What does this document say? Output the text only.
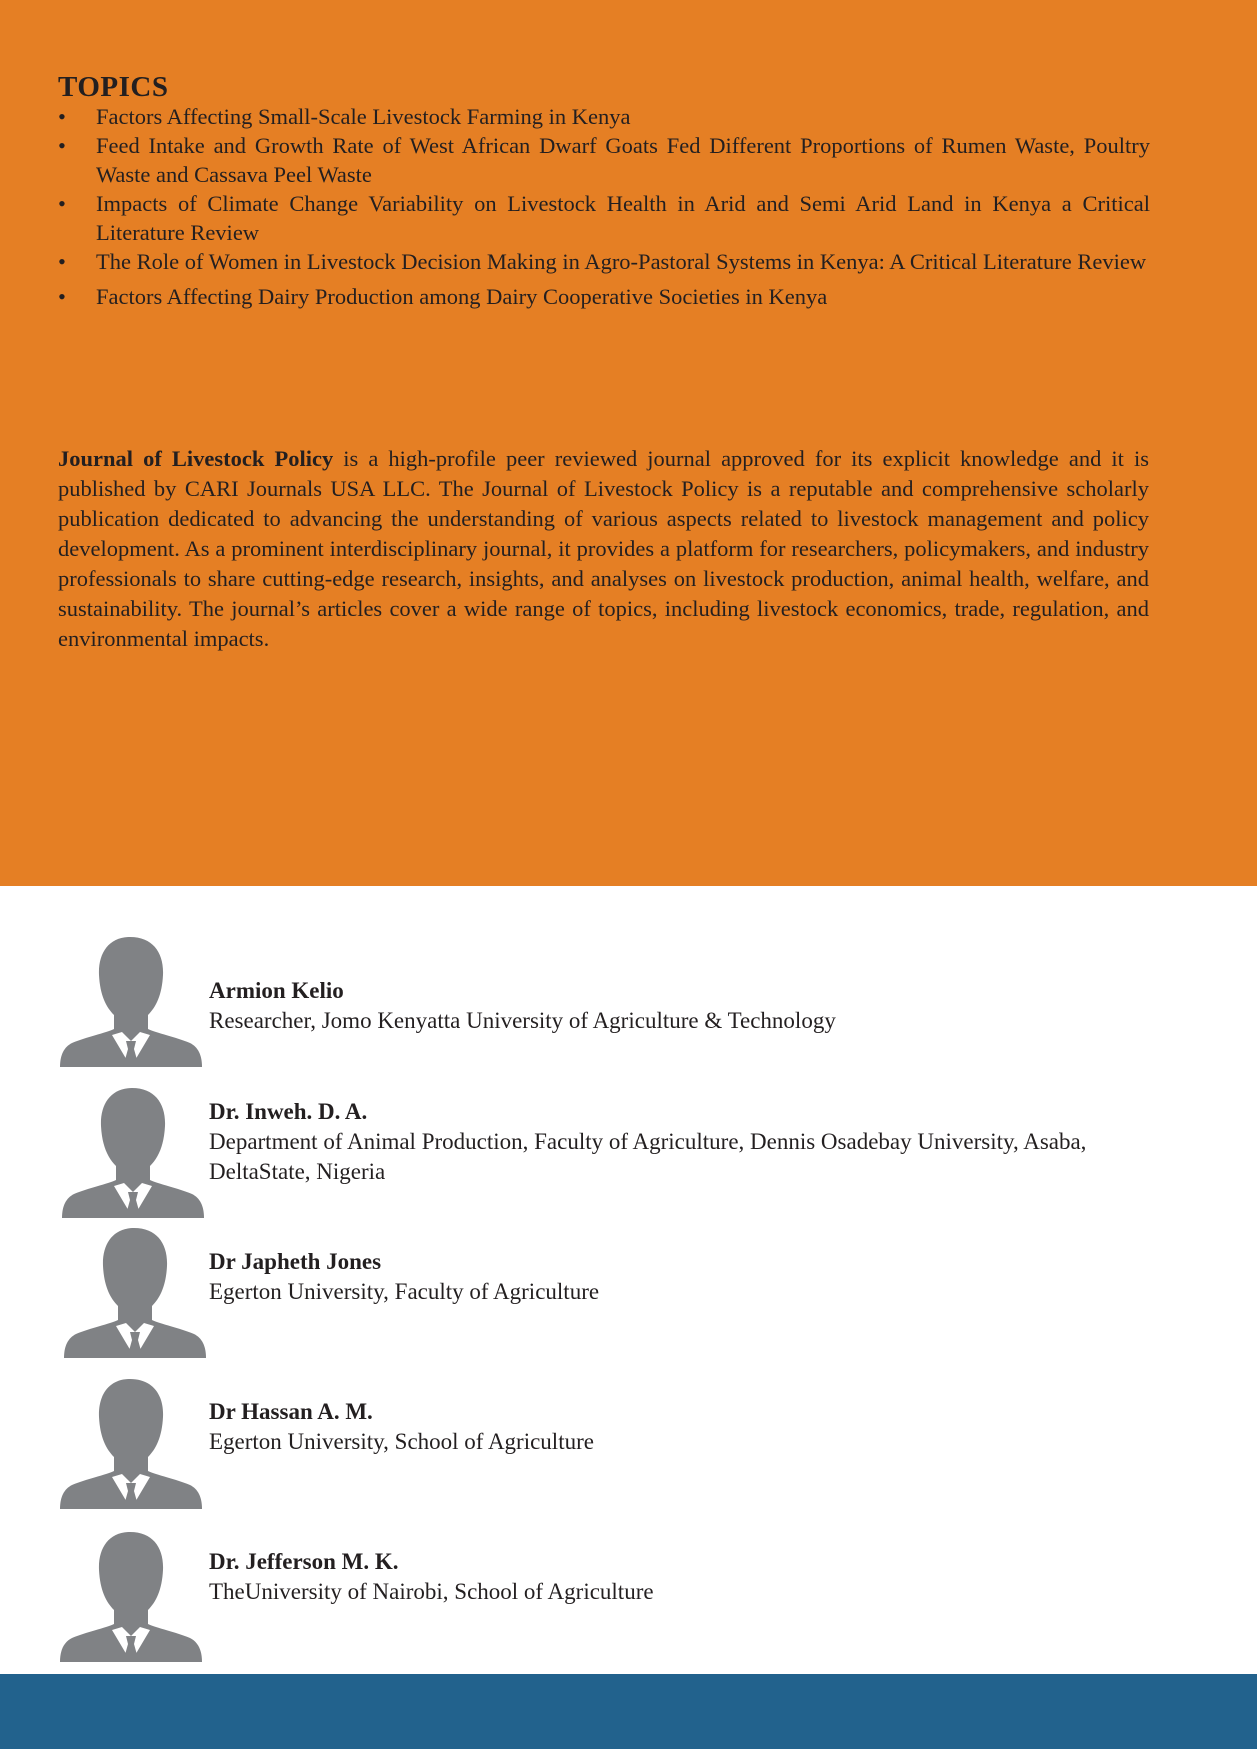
TOPICS
• Factors Affecting Small-Scale Livestock Farming in Kenya
• Feed Intake and Growth Rate of West African Dwarf Goats Fed Different Proportions of Rumen Waste, Poultry Waste and Cassava Peel Waste
• Impacts of Climate Change Variability on Livestock Health in Arid and Semi Arid Land in Kenya a Critical Literature Review
• The Role of Women in Livestock Decision Making in Agro-Pastoral Systems in Kenya: A Critical Literature Review
• Factors Affecting Dairy Production among Dairy Cooperative Societies in Kenya

Journal of Livestock Policy is a high-profile peer reviewed journal approved for its explicit knowledge and it is published by CARI Journals USA LLC. The Journal of Livestock Policy is a reputable and comprehensive scholarly publication dedicated to advancing the understanding of various aspects related to livestock management and policy development. As a prominent interdisciplinary journal, it provides a platform for researchers, policymakers, and industry professionals to share cutting-edge research, insights, and analyses on livestock production, animal health, welfare, and sustainability. The journal’s articles cover a wide range of topics, including livestock economics, trade, regulation, and environmental impacts.

Armion Kelio
Researcher, Jomo Kenyatta University of Agriculture & Technology
Dr. Inweh. D. A.
Department of Animal Production, Faculty of Agriculture, Dennis Osadebay University, Asaba, DeltaState, Nigeria
Dr Japheth Jones
Egerton University, Faculty of Agriculture
Dr Hassan A. M.
Egerton University, School of Agriculture
Dr. Jefferson M. K.
TheUniversity of Nairobi, School of Agriculture
